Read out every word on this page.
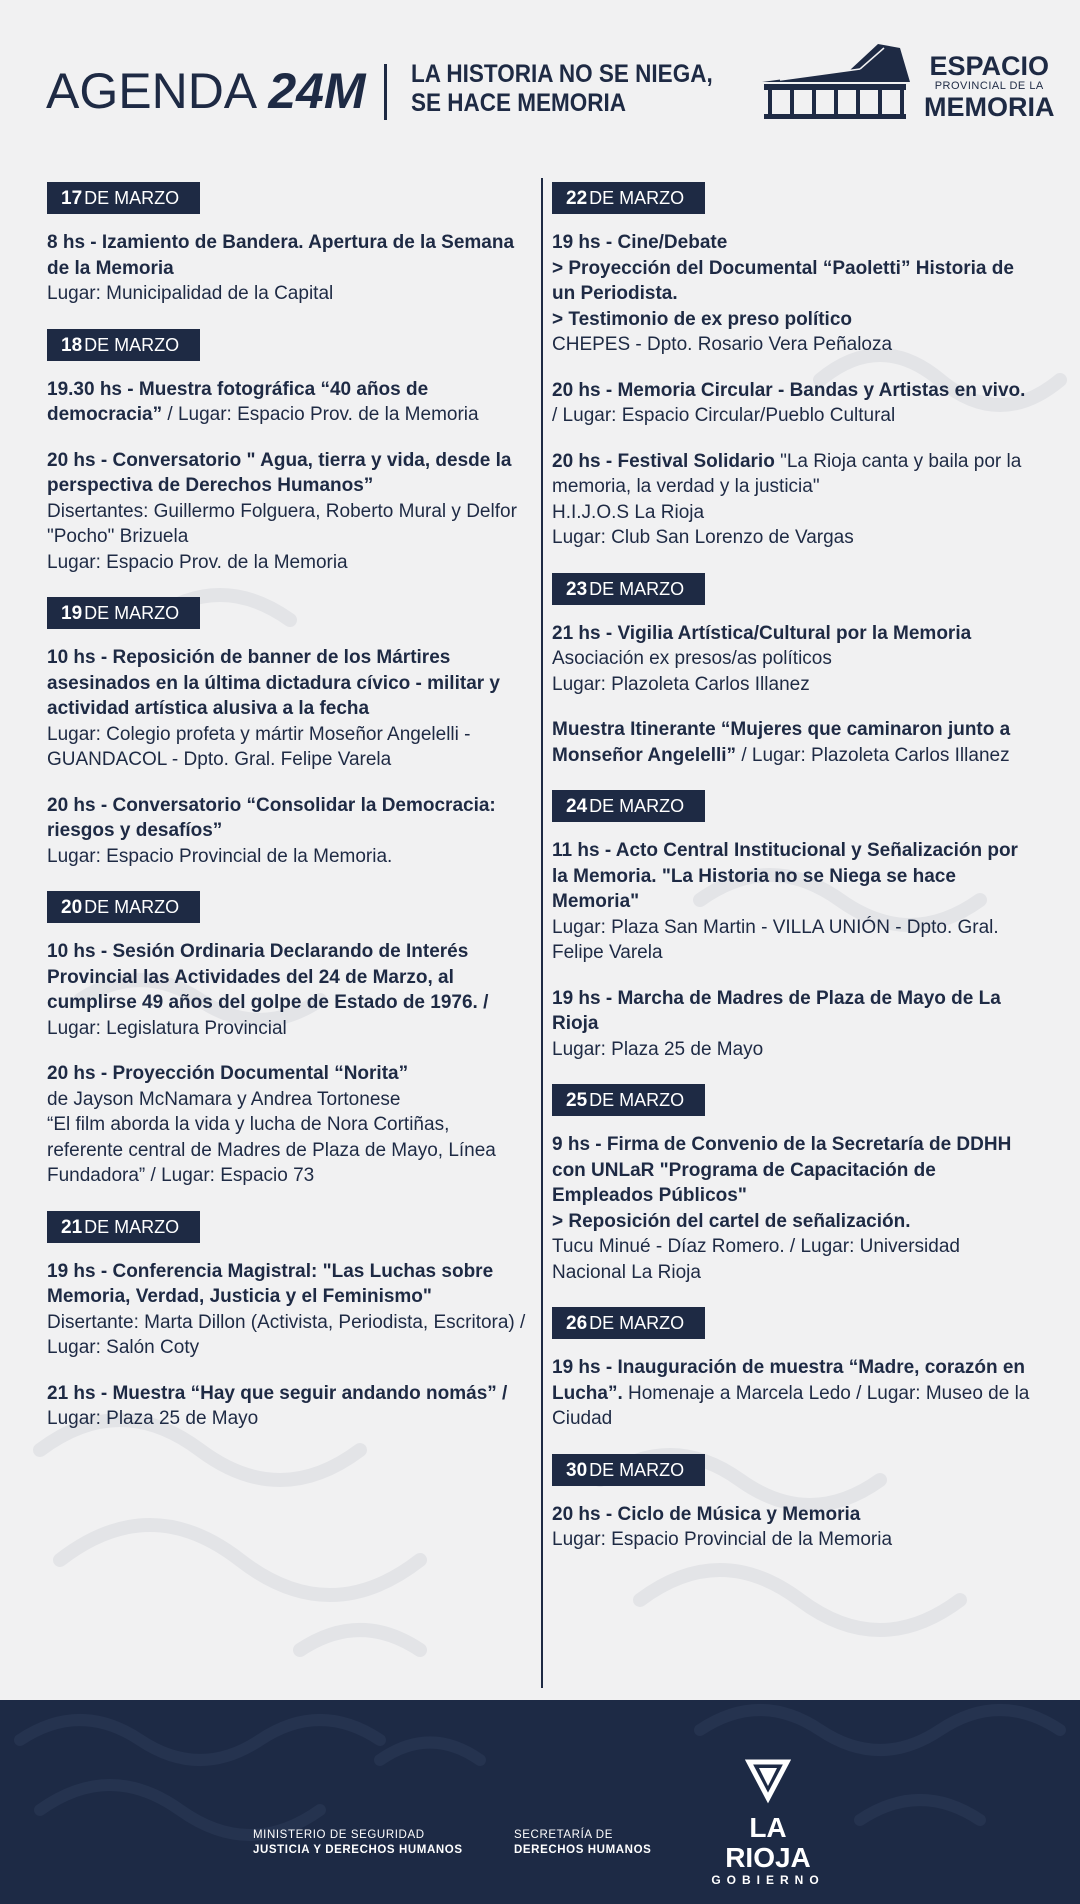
AGENDA 24M LA HISTORIA NO SE NIEGA,
SE HACE MEMORIA
ESPACIO
PROVINCIAL DE LA
MEMORIA
17 DE MARZO
8 hs - Izamiento de Bandera. Apertura de la Semana de la Memoria
Lugar: Municipalidad de la Capital
18 DE MARZO
19.30 hs - Muestra fotográfica “40 años de democracia” / Lugar: Espacio Prov. de la Memoria
20 hs - Conversatorio " Agua, tierra y vida, desde la perspectiva de Derechos Humanos”
Disertantes: Guillermo Folguera, Roberto Mural y Delfor "Pocho" Brizuela
Lugar: Espacio Prov. de la Memoria
19 DE MARZO
10 hs - Reposición de banner de los Mártires asesinados en la última dictadura cívico - militar y actividad artística alusiva a la fecha
Lugar: Colegio profeta y mártir Moseñor Angelelli - GUANDACOL - Dpto. Gral. Felipe Varela
20 hs - Conversatorio “Consolidar la Democracia: riesgos y desafíos”
Lugar: Espacio Provincial de la Memoria.
20 DE MARZO
10 hs - Sesión Ordinaria Declarando de Interés Provincial las Actividades del 24 de Marzo, al cumplirse 49 años del golpe de Estado de 1976. /
Lugar: Legislatura Provincial
20 hs - Proyección Documental “Norita”
de Jayson McNamara y Andrea Tortonese
“El film aborda la vida y lucha de Nora Cortiñas, referente central de Madres de Plaza de Mayo, Línea Fundadora” / Lugar: Espacio 73
21 DE MARZO
19 hs - Conferencia Magistral: "Las Luchas sobre Memoria, Verdad, Justicia y el Feminismo"
Disertante: Marta Dillon (Activista, Periodista, Escritora) / Lugar: Salón Coty
21 hs - Muestra “Hay que seguir andando nomás” /
Lugar: Plaza 25 de Mayo
22 DE MARZO
19 hs - Cine/Debate
> Proyección del Documental “Paoletti” Historia de un Periodista.
> Testimonio de ex preso político
CHEPES - Dpto. Rosario Vera Peñaloza
20 hs - Memoria Circular - Bandas y Artistas en vivo.
/ Lugar: Espacio Circular/Pueblo Cultural
20 hs - Festival Solidario "La Rioja canta y baila por la memoria, la verdad y la justicia"
H.I.J.O.S La Rioja
Lugar: Club San Lorenzo de Vargas
23 DE MARZO
21 hs - Vigilia Artística/Cultural por la Memoria
Asociación ex presos/as políticos
Lugar: Plazoleta Carlos Illanez
Muestra Itinerante “Mujeres que caminaron junto a Monseñor Angelelli” / Lugar: Plazoleta Carlos Illanez
24 DE MARZO
11 hs - Acto Central Institucional y Señalización por la Memoria. "La Historia no se Niega se hace Memoria"
Lugar: Plaza San Martin - VILLA UNIÓN - Dpto. Gral. Felipe Varela
19 hs - Marcha de Madres de Plaza de Mayo de La Rioja
Lugar: Plaza 25 de Mayo
25 DE MARZO
9 hs - Firma de Convenio de la Secretaría de DDHH con UNLaR "Programa de Capacitación de Empleados Públicos"
> Reposición del cartel de señalización.
Tucu Minué - Díaz Romero. / Lugar: Universidad Nacional La Rioja
26 DE MARZO
19 hs - Inauguración de muestra “Madre, corazón en Lucha”. Homenaje a Marcela Ledo / Lugar: Museo de la Ciudad
30 DE MARZO
20 hs - Ciclo de Música y Memoria
Lugar: Espacio Provincial de la Memoria
MINISTERIO DE SEGURIDAD
JUSTICIA Y DERECHOS HUMANOS
SECRETARÍA DE
DERECHOS HUMANOS
LA RIOJA
GOBIERNO
